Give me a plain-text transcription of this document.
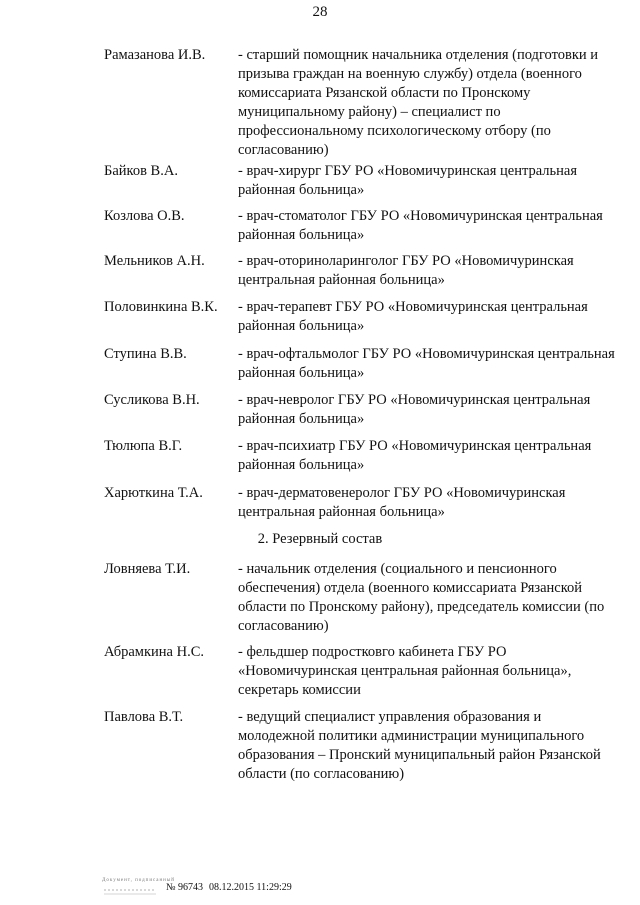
28
Рамазанова И.В. - старший помощник начальника отделения (подготовки и призыва граждан на военную службу) отдела (военного комиссариата Рязанской области по Пронскому муниципальному району) – специалист по профессиональному психологическому отбору (по согласованию)
Байков В.А.	- врач-хирург ГБУ РО «Новомичуринская центральная районная больница»
Козлова О.В.	- врач-стоматолог ГБУ РО «Новомичуринская центральная районная больница»
Мельников А.Н. - врач-оториноларинголог ГБУ РО «Новомичуринская центральная районная больница»
Половинкина В.К. - врач-терапевт ГБУ РО «Новомичуринская центральная районная больница»
Ступина В.В.	- врач-офтальмолог ГБУ РО «Новомичуринская центральная районная больница»
Сусликова В.Н.	- врач-невролог ГБУ РО «Новомичуринская центральная районная больница»
Тюлюпа В.Г.	- врач-психиатр ГБУ РО «Новомичуринская центральная районная больница»
Харюткина Т.А. - врач-дерматовенеролог ГБУ РО «Новомичуринская центральная районная больница»
2. Резервный состав
Ловняева Т.И.	- начальник отделения (социального и пенсионного обеспечения) отдела (военного комиссариата Рязанской области по Пронскому району), председатель комиссии (по согласованию)
Абрамкина Н.С. - фельдшер подростковго кабинета ГБУ РО «Новомичуринская центральная районная больница», секретарь комиссии
Павлова В.Т.	- ведущий специалист управления образования и молодежной политики администрации муниципального образования – Пронский муниципальный район Рязанской области (по согласованию)
Документ, подписанный
№ 96743 08.12.2015 11:29:29
